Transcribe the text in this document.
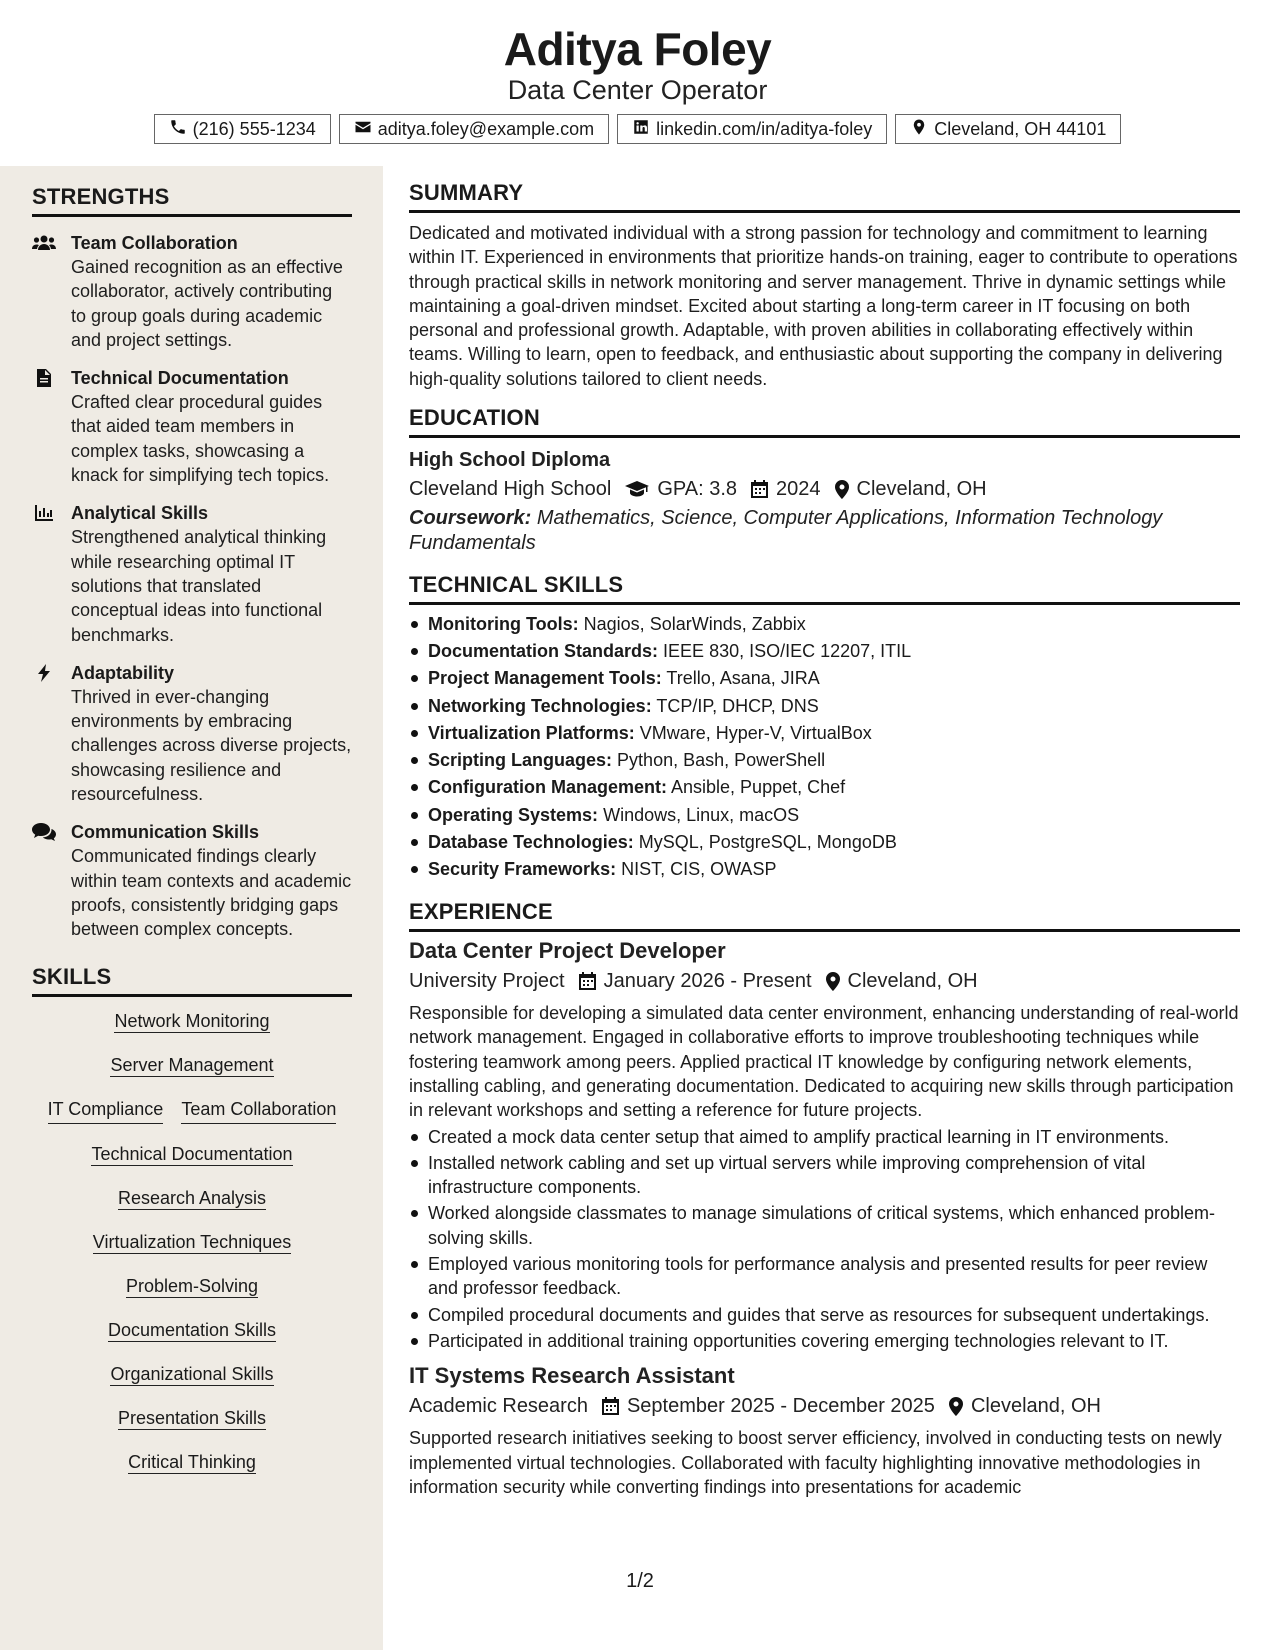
Aditya Foley
Data Center Operator
(216) 555-1234	aditya.foley@example.com	linkedin.com/in/aditya-foley	Cleveland, OH 44101
STRENGTHS
Team Collaboration
Gained recognition as an effective collaborator, actively contributing to group goals during academic and project settings.
Technical Documentation
Crafted clear procedural guides that aided team members in complex tasks, showcasing a knack for simplifying tech topics.
Analytical Skills
Strengthened analytical thinking while researching optimal IT solutions that translated conceptual ideas into functional benchmarks.
Adaptability
Thrived in ever-changing environments by embracing challenges across diverse projects, showcasing resilience and resourcefulness.
Communication Skills
Communicated findings clearly within team contexts and academic proofs, consistently bridging gaps between complex concepts.
SKILLS
Network Monitoring
Server Management
IT Compliance Team Collaboration
Technical Documentation
Research Analysis
Virtualization Techniques
Problem-Solving
Documentation Skills
Organizational Skills
Presentation Skills
Critical Thinking
SUMMARY
Dedicated and motivated individual with a strong passion for technology and commitment to learning within IT. Experienced in environments that prioritize hands-on training, eager to contribute to operations through practical skills in network monitoring and server management. Thrive in dynamic settings while maintaining a goal-driven mindset. Excited about starting a long-term career in IT focusing on both personal and professional growth. Adaptable, with proven abilities in collaborating effectively within teams. Willing to learn, open to feedback, and enthusiastic about supporting the company in delivering high-quality solutions tailored to client needs.
EDUCATION
High School Diploma
Cleveland High School GPA: 3.8 2024 Cleveland, OH
Coursework: Mathematics, Science, Computer Applications, Information Technology Fundamentals
TECHNICAL SKILLS
Monitoring Tools: Nagios, SolarWinds, Zabbix
Documentation Standards: IEEE 830, ISO/IEC 12207, ITIL
Project Management Tools: Trello, Asana, JIRA
Networking Technologies: TCP/IP, DHCP, DNS
Virtualization Platforms: VMware, Hyper-V, VirtualBox
Scripting Languages: Python, Bash, PowerShell
Configuration Management: Ansible, Puppet, Chef
Operating Systems: Windows, Linux, macOS
Database Technologies: MySQL, PostgreSQL, MongoDB
Security Frameworks: NIST, CIS, OWASP
EXPERIENCE
Data Center Project Developer
University Project January 2026 - Present Cleveland, OH
Responsible for developing a simulated data center environment, enhancing understanding of real-world network management. Engaged in collaborative efforts to improve troubleshooting techniques while fostering teamwork among peers. Applied practical IT knowledge by configuring network elements, installing cabling, and generating documentation. Dedicated to acquiring new skills through participation in relevant workshops and setting a reference for future projects.
Created a mock data center setup that aimed to amplify practical learning in IT environments.
Installed network cabling and set up virtual servers while improving comprehension of vital infrastructure components.
Worked alongside classmates to manage simulations of critical systems, which enhanced problem-solving skills.
Employed various monitoring tools for performance analysis and presented results for peer review and professor feedback.
Compiled procedural documents and guides that serve as resources for subsequent undertakings.
Participated in additional training opportunities covering emerging technologies relevant to IT.
IT Systems Research Assistant
Academic Research September 2025 - December 2025 Cleveland, OH
Supported research initiatives seeking to boost server efficiency, involved in conducting tests on newly implemented virtual technologies. Collaborated with faculty highlighting innovative methodologies in information security while converting findings into presentations for academic
1/2
